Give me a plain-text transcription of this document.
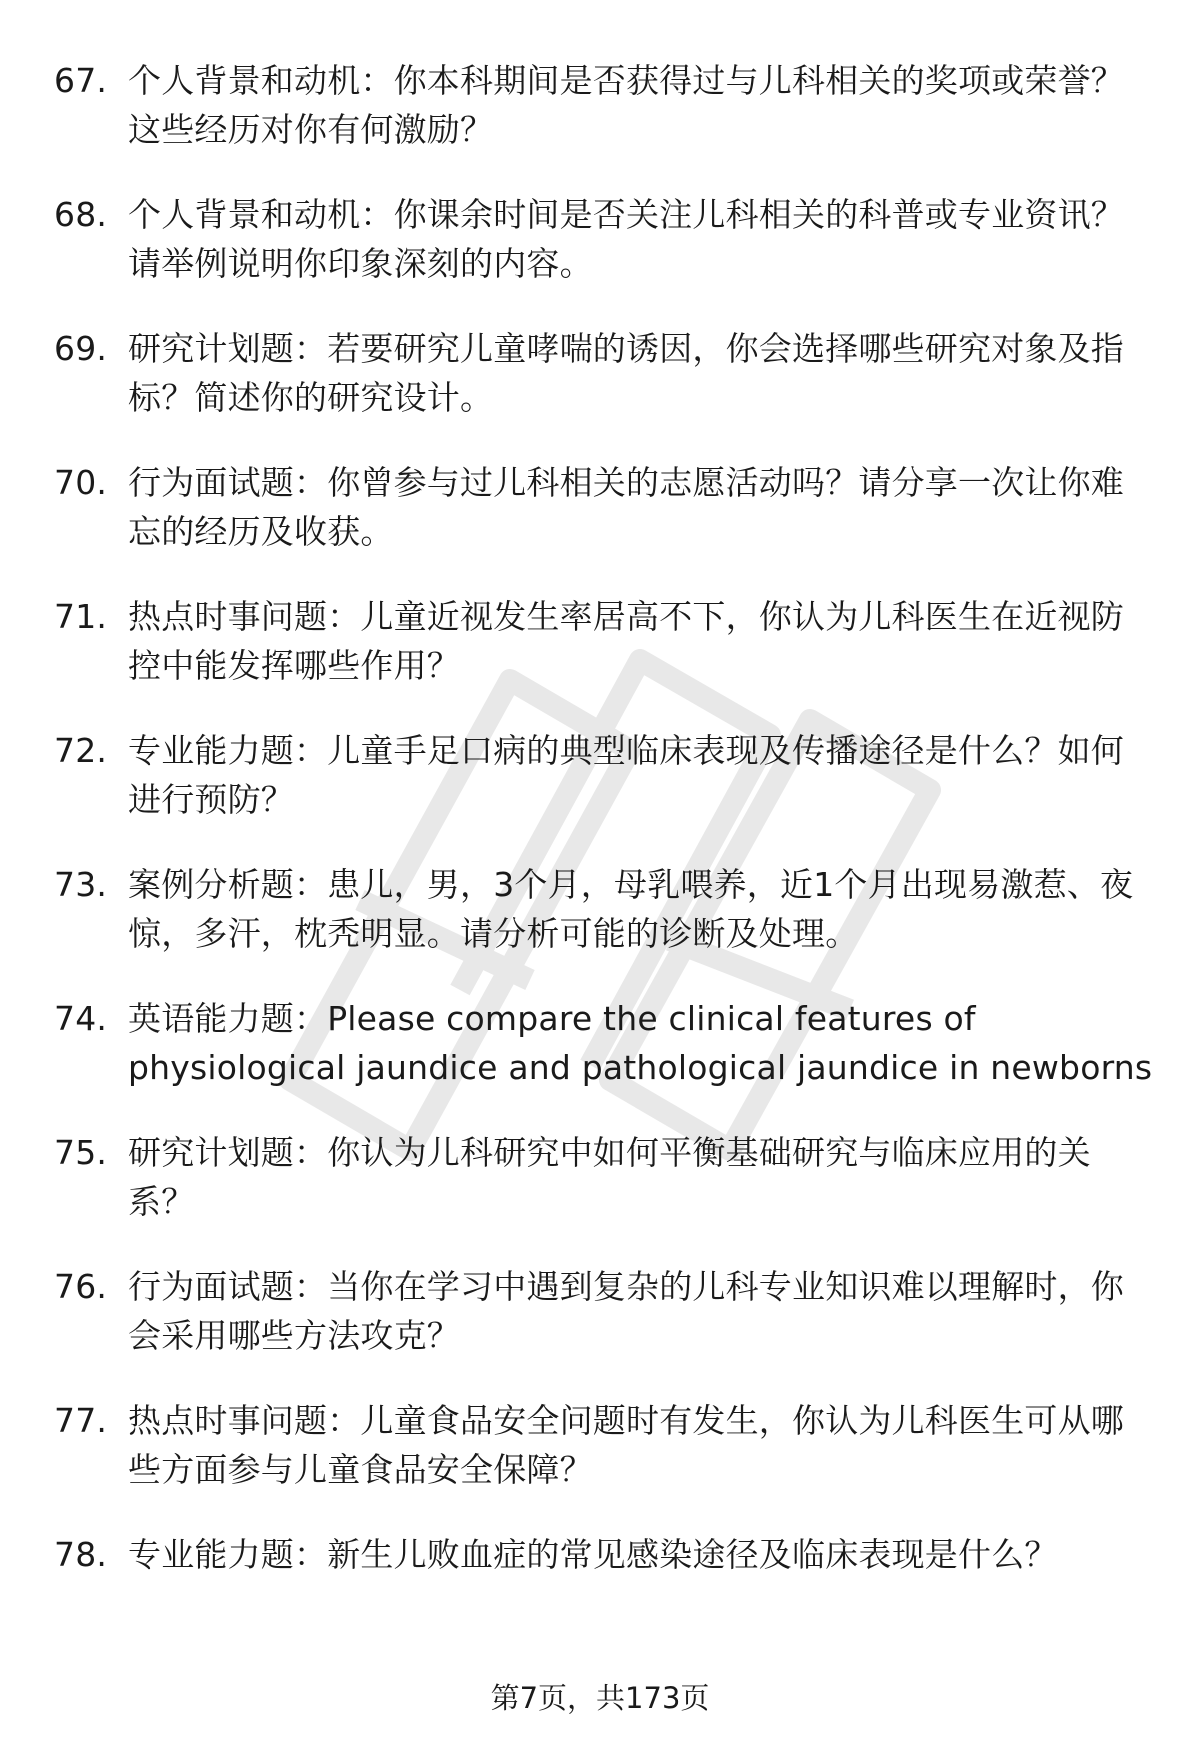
67. 个人背景和动机：你本科期间是否获得过与儿科相关的奖项或荣誉？这些经历对你有何激励？
68. 个人背景和动机：你课余时间是否关注儿科相关的科普或专业资讯？请举例说明你印象深刻的内容。
69. 研究计划题：若要研究儿童哮喘的诱因，你会选择哪些研究对象及指标？简述你的研究设计。
70. 行为面试题：你曾参与过儿科相关的志愿活动吗？请分享一次让你难忘的经历及收获。
71. 热点时事问题：儿童近视发生率居高不下，你认为儿科医生在近视防控中能发挥哪些作用？
72. 专业能力题：儿童手足口病的典型临床表现及传播途径是什么？如何进行预防？
73. 案例分析题：患儿，男，3个月，母乳喂养，近1个月出现易激惹、夜惊，多汗，枕秃明显。请分析可能的诊断及处理。
74. 英语能力题：Please compare the clinical features of physiological jaundice and pathological jaundice in newborns
75. 研究计划题：你认为儿科研究中如何平衡基础研究与临床应用的关系？
76. 行为面试题：当你在学习中遇到复杂的儿科专业知识难以理解时，你会采用哪些方法攻克？
77. 热点时事问题：儿童食品安全问题时有发生，你认为儿科医生可从哪些方面参与儿童食品安全保障？
78. 专业能力题：新生儿败血症的常见感染途径及临床表现是什么？
第7页，共173页
